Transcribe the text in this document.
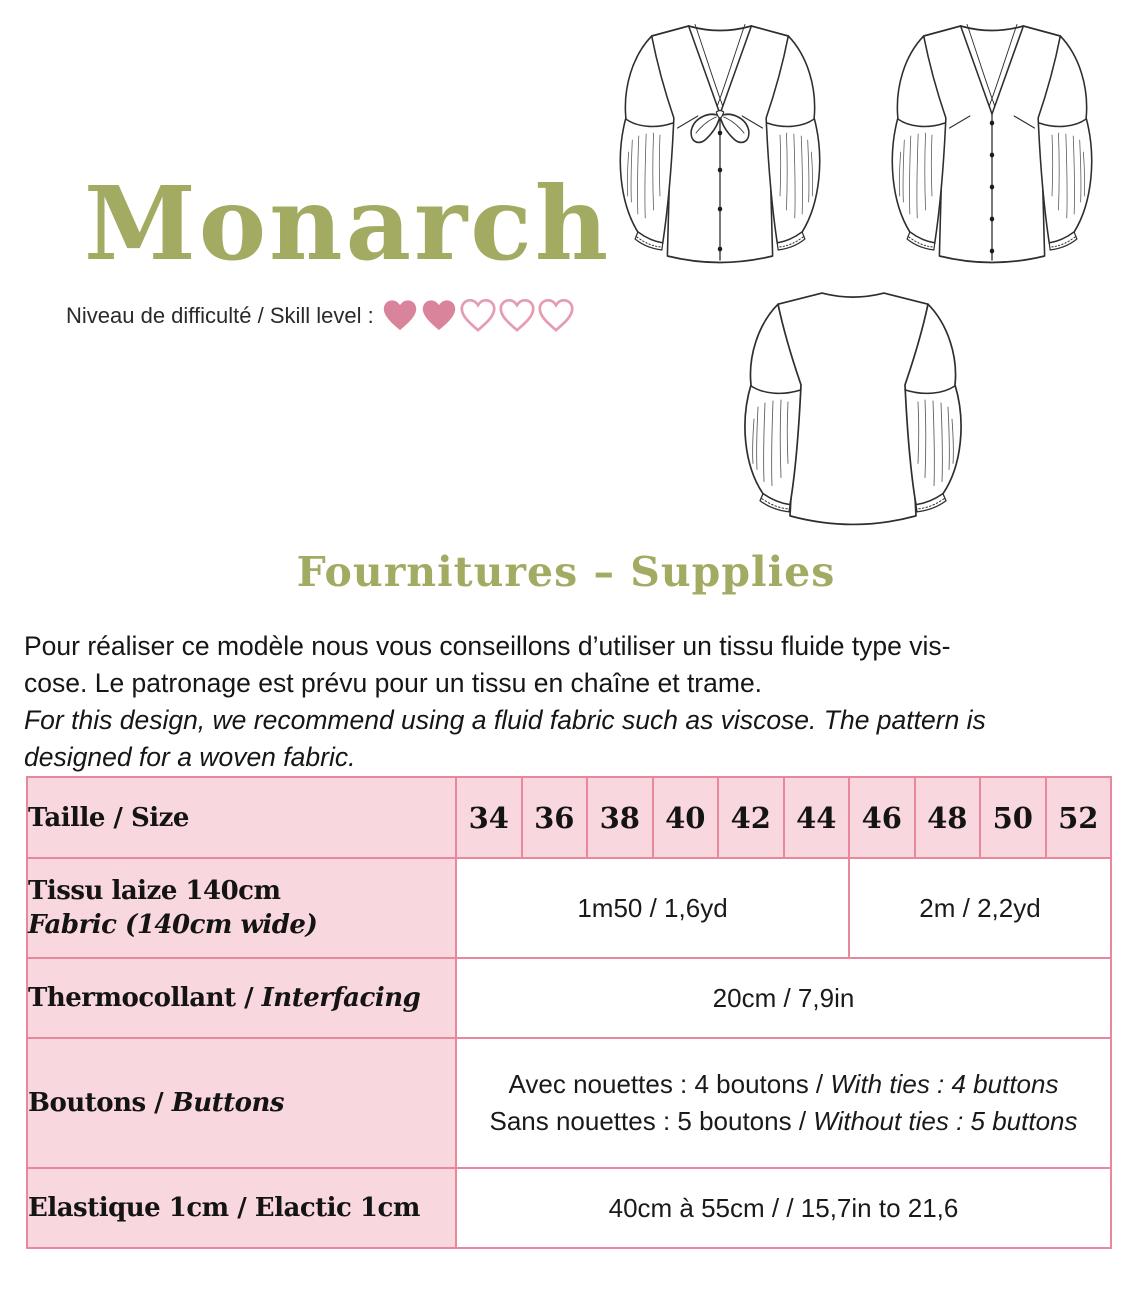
Monarch
Niveau de difficulté / Skill level :
Fournitures – Supplies
Pour réaliser ce modèle nous vous conseillons d’utiliser un tissu fluide type vis-
cose. Le patronage est prévu pour un tissu en chaîne et trame.
For this design, we recommend using a fluid fabric such as viscose. The pattern is
designed for a woven fabric.
Taille / Size	34	36	38	40	42	44	46	48	50	52

Tissu laize 140cm
Fabric (140cm wide)	1m50 / 1,6yd						2m / 2,2yd			
Thermocollant / Interfacing	20cm / 7,9in									
Boutons / Buttons	Avec nouettes : 4 boutons / With ties : 4 buttons
Sans nouettes : 5 boutons / Without ties : 5 buttons									
Elastique 1cm / Elactic 1cm	40cm à 55cm / / 15,7in to 21,6									
